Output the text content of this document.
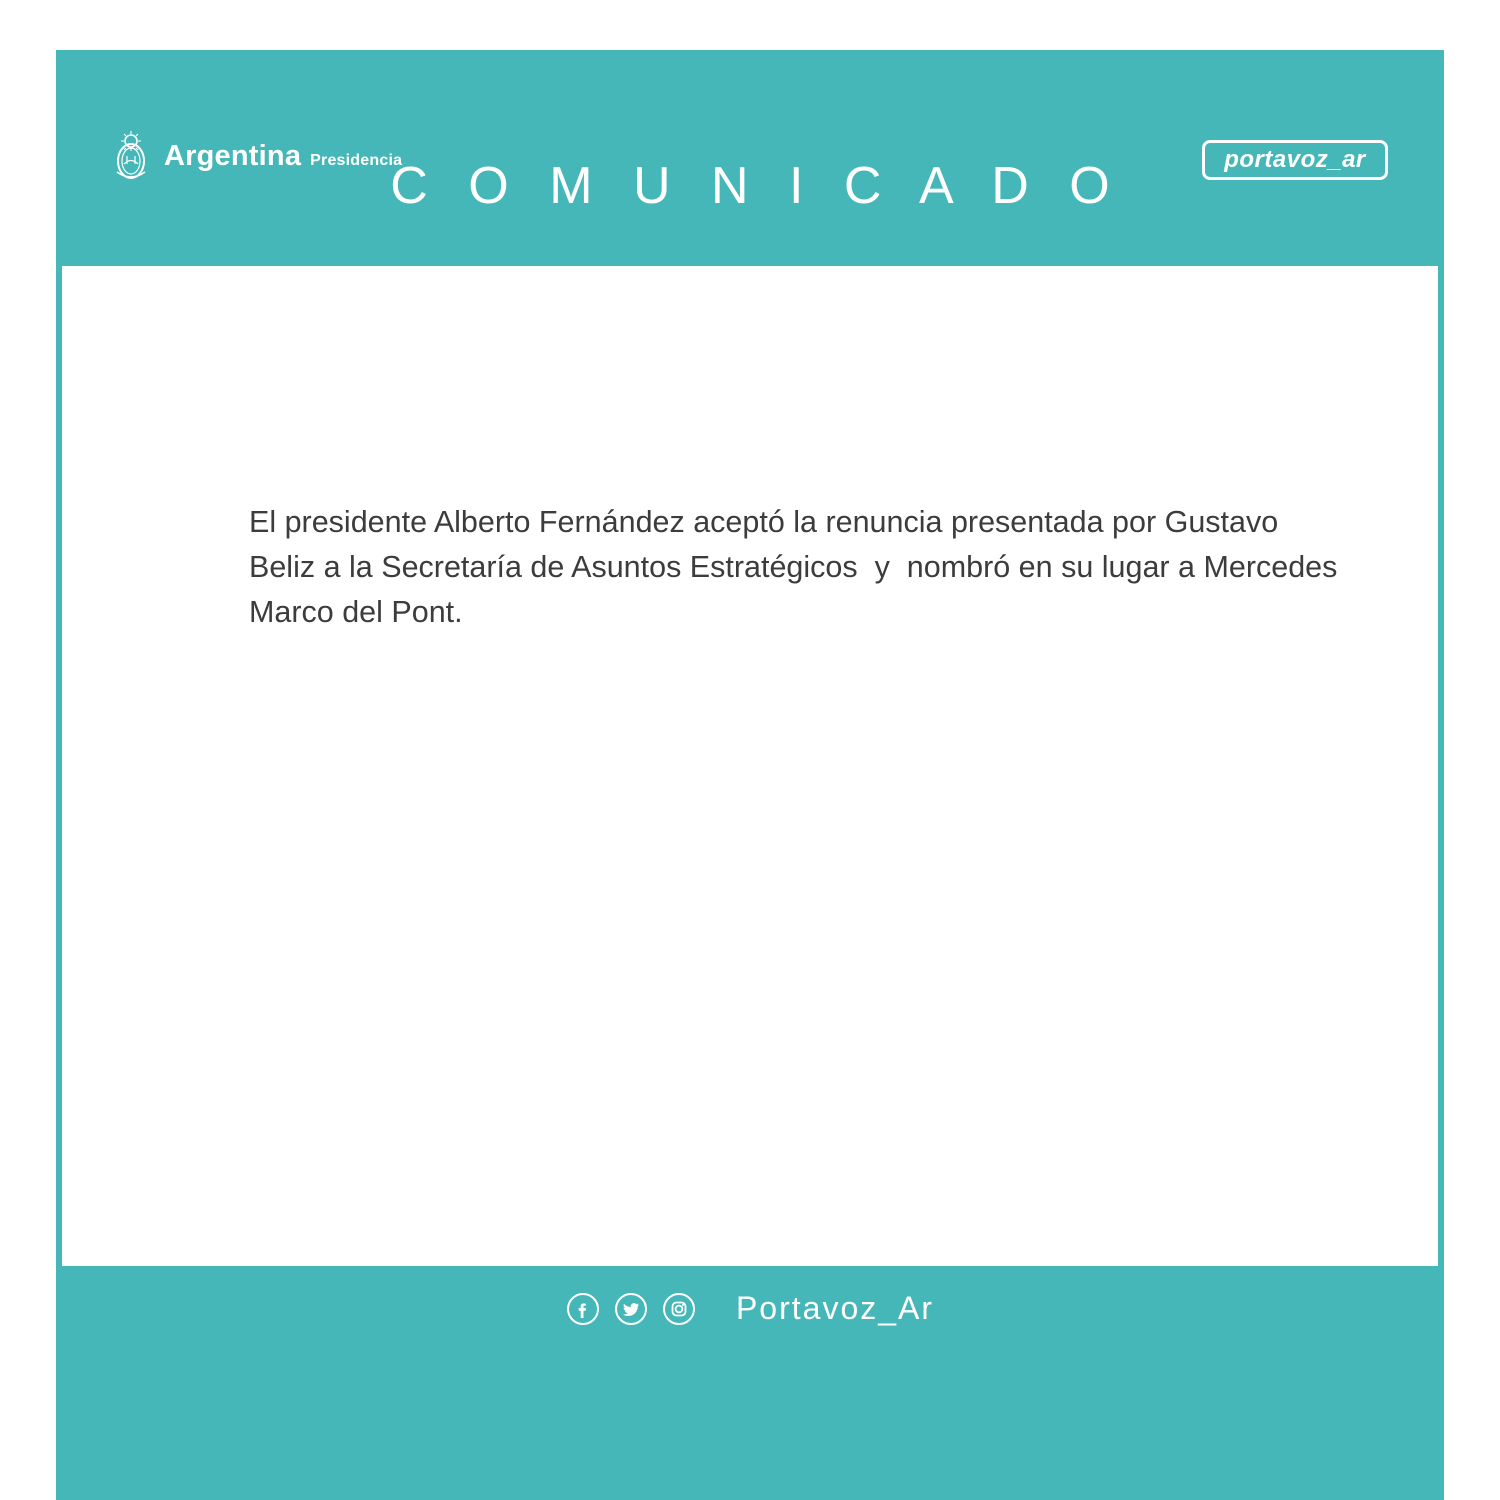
Argentina Presidencia
C O M U N I C A D O	portavoz_ar
El presidente Alberto Fernández aceptó la renuncia presentada por Gustavo Beliz a la Secretaría de Asuntos Estratégicos  y  nombró en su lugar a Mercedes Marco del Pont.
Portavoz_Ar
